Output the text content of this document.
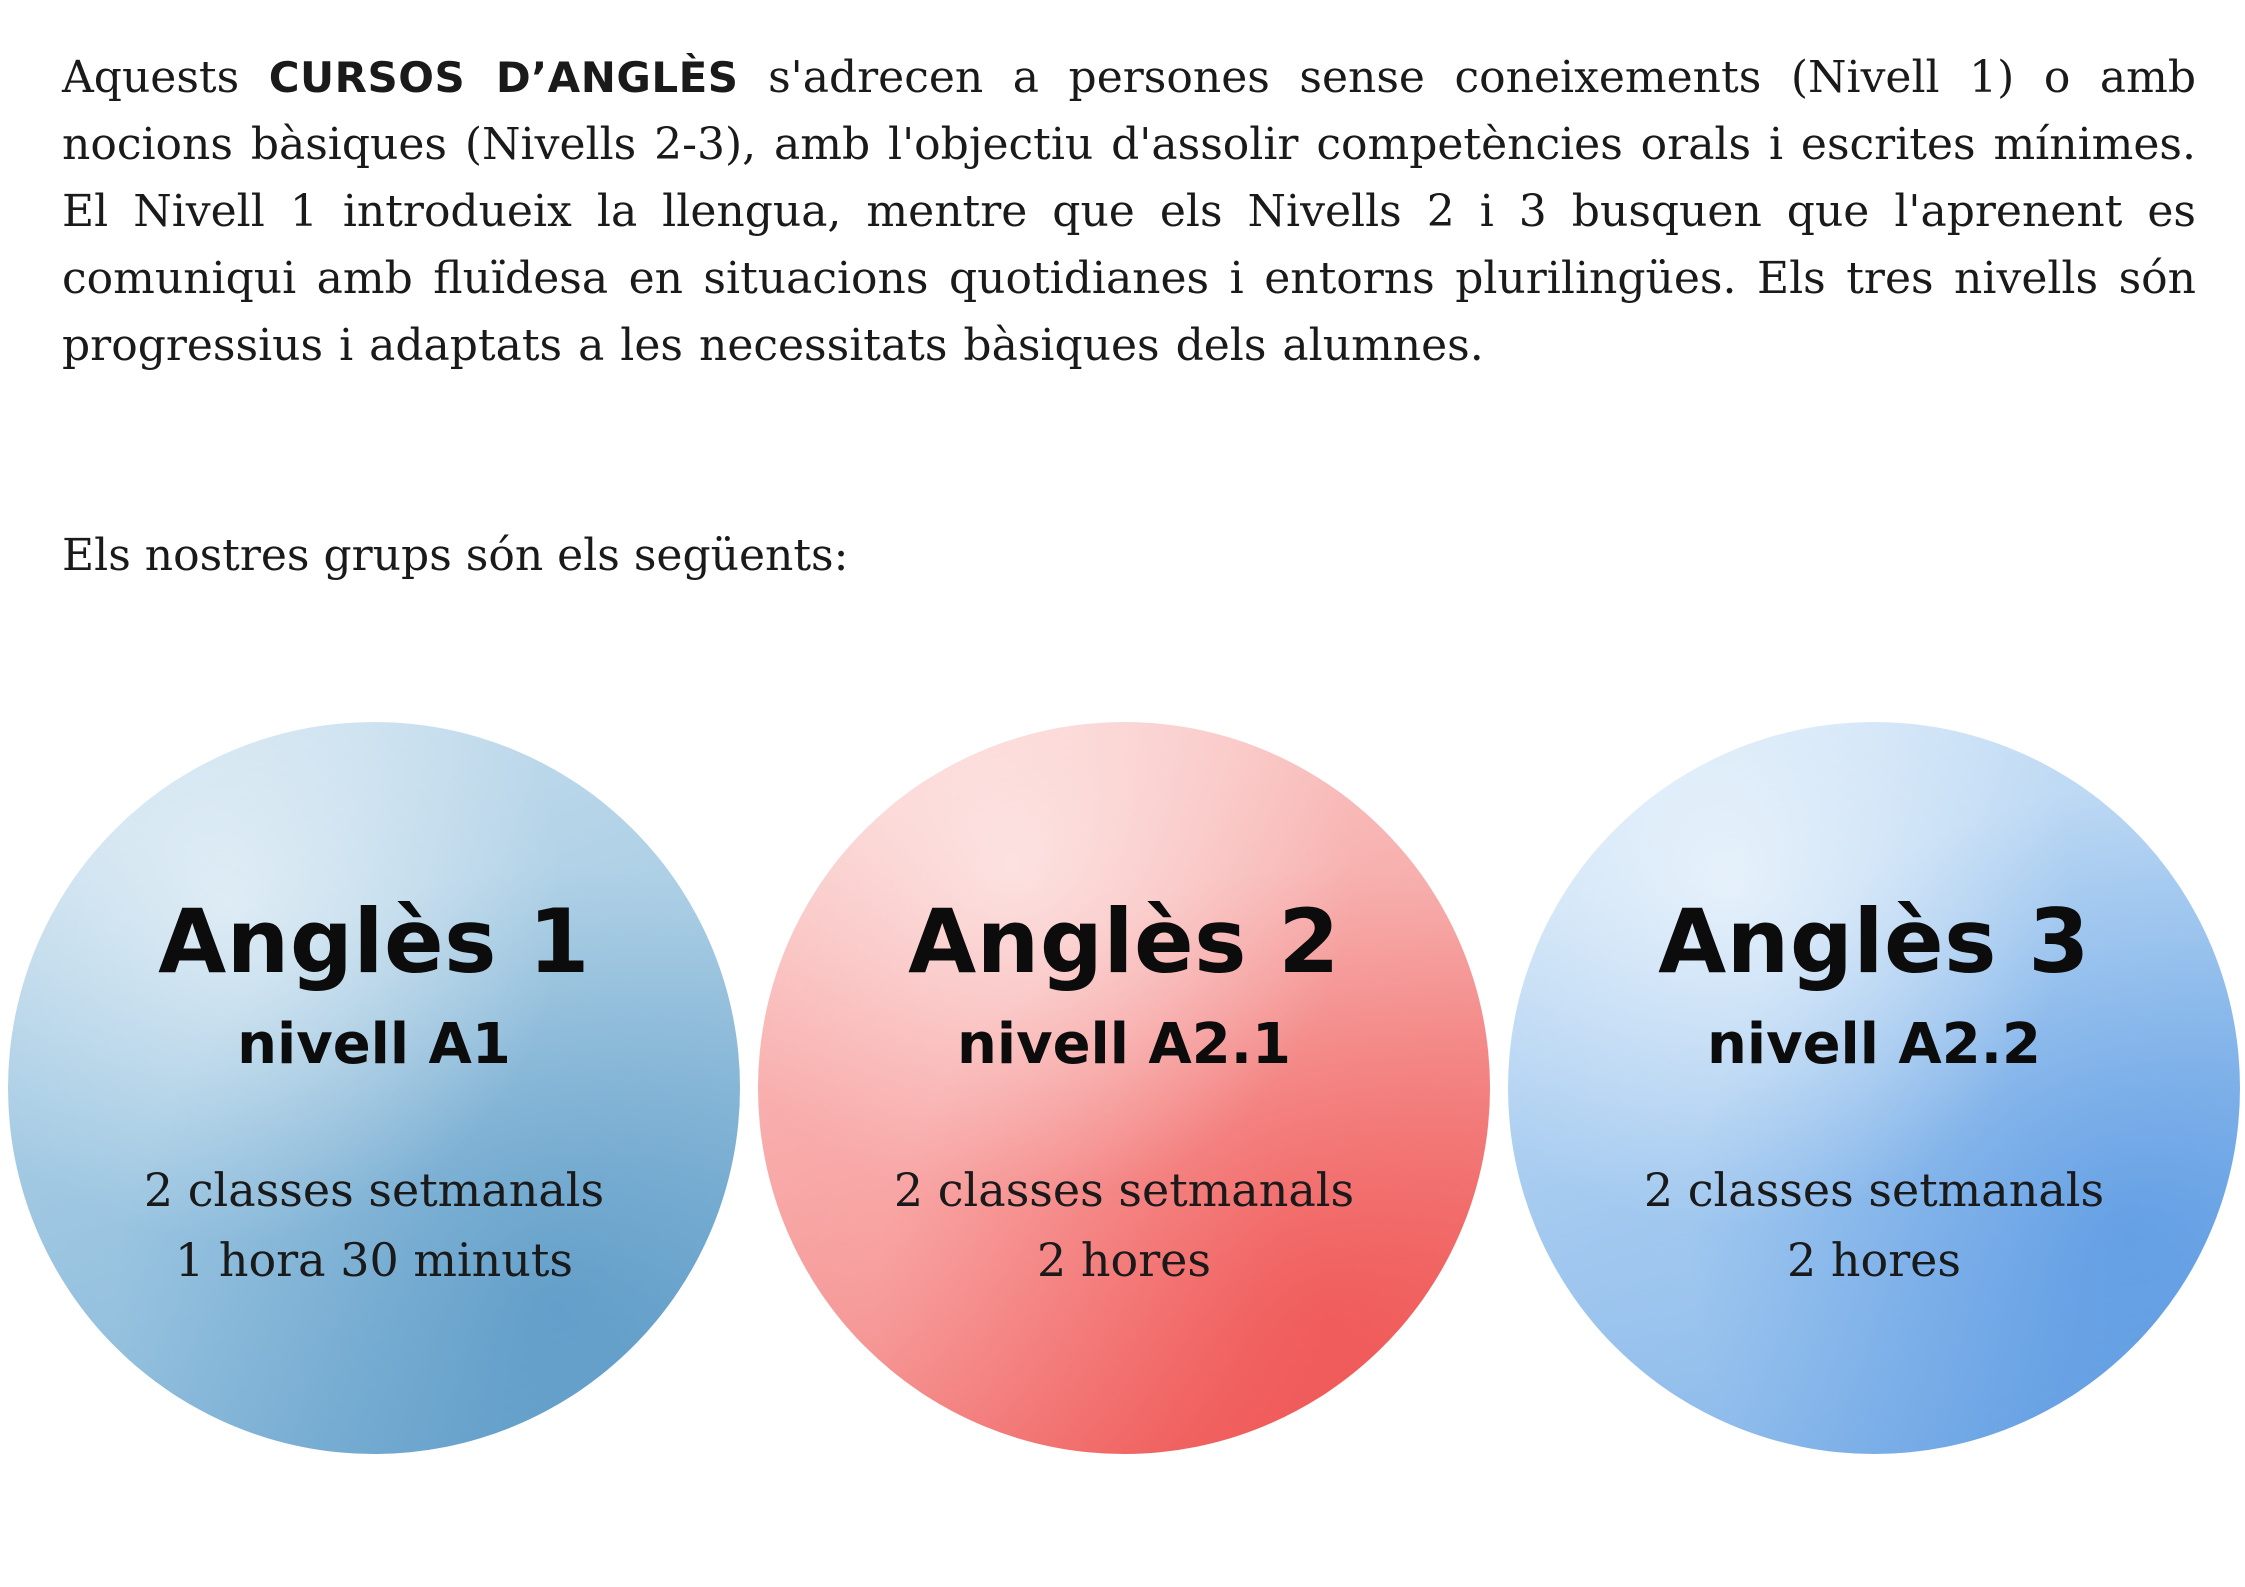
Aquests CURSOS D’ANGLÈS s'adrecen a persones sense coneixements (Nivell 1) o amb nocions bàsiques (Nivells 2-3), amb l'objectiu d'assolir competències orals i escrites mínimes. El Nivell 1 introdueix la llengua, mentre que els Nivells 2 i 3 busquen que l'aprenent es comuniqui amb fluïdesa en situacions quotidianes i entorns plurilingües. Els tres nivells són progressius i adaptats a les necessitats bàsiques dels alumnes.

Els nostres grups són els següents:

Anglès 1

nivell A1

2 classes setmanals

1 hora 30 minuts

Anglès 2

nivell A2.1

2 classes setmanals

2 hores

Anglès 3

nivell A2.2

2 classes setmanals

2 hores
